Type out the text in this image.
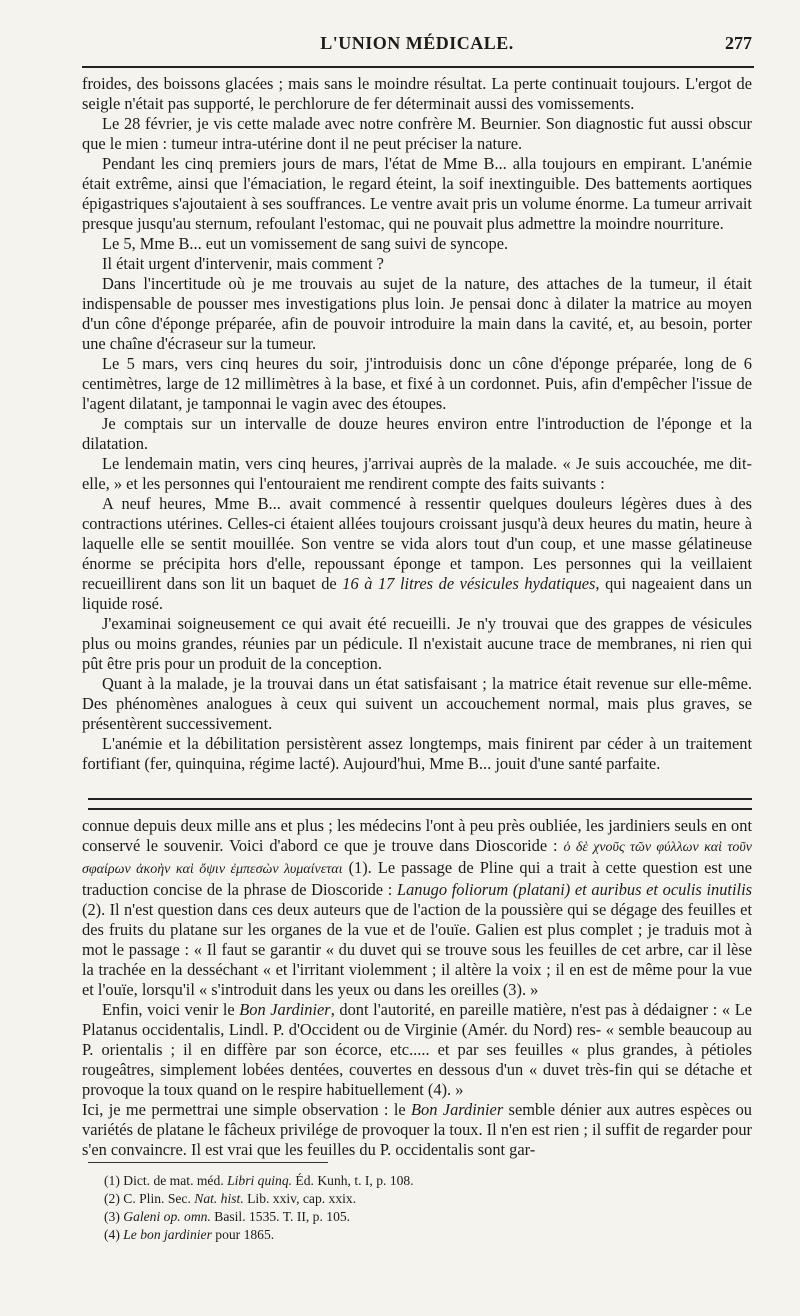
L'UNION MÉDICALE.	277

froides, des boissons glacées ; mais sans le moindre résultat. La perte continuait toujours. L'ergot de seigle n'était pas supporté, le perchlorure de fer déterminait aussi des vomissements.

Le 28 février, je vis cette malade avec notre confrère M. Beurnier. Son diagnostic fut aussi obscur que le mien : tumeur intra-utérine dont il ne peut préciser la nature.

Pendant les cinq premiers jours de mars, l'état de Mme B... alla toujours en empirant. L'anémie était extrême, ainsi que l'émaciation, le regard éteint, la soif inextinguible. Des battements aortiques épigastriques s'ajoutaient à ses souffrances. Le ventre avait pris un volume énorme. La tumeur arrivait presque jusqu'au sternum, refoulant l'estomac, qui ne pouvait plus admettre la moindre nourriture.

Le 5, Mme B... eut un vomissement de sang suivi de syncope.

Il était urgent d'intervenir, mais comment ?

Dans l'incertitude où je me trouvais au sujet de la nature, des attaches de la tumeur, il était indispensable de pousser mes investigations plus loin. Je pensai donc à dilater la matrice au moyen d'un cône d'éponge préparée, afin de pouvoir introduire la main dans la cavité, et, au besoin, porter une chaîne d'écraseur sur la tumeur.

Le 5 mars, vers cinq heures du soir, j'introduisis donc un cône d'éponge préparée, long de 6 centimètres, large de 12 millimètres à la base, et fixé à un cordonnet. Puis, afin d'empêcher l'issue de l'agent dilatant, je tamponnai le vagin avec des étoupes.

Je comptais sur un intervalle de douze heures environ entre l'introduction de l'éponge et la dilatation.

Le lendemain matin, vers cinq heures, j'arrivai auprès de la malade. « Je suis accouchée, me dit-elle, » et les personnes qui l'entouraient me rendirent compte des faits suivants :

A neuf heures, Mme B... avait commencé à ressentir quelques douleurs légères dues à des contractions utérines. Celles-ci étaient allées toujours croissant jusqu'à deux heures du matin, heure à laquelle elle se sentit mouillée. Son ventre se vida alors tout d'un coup, et une masse gélatineuse énorme se précipita hors d'elle, repoussant éponge et tampon. Les personnes qui la veillaient recueillirent dans son lit un baquet de 16 à 17 litres de vésicules hydatiques, qui nageaient dans un liquide rosé.

J'examinai soigneusement ce qui avait été recueilli. Je n'y trouvai que des grappes de vésicules plus ou moins grandes, réunies par un pédicule. Il n'existait aucune trace de membranes, ni rien qui pût être pris pour un produit de la conception.

Quant à la malade, je la trouvai dans un état satisfaisant ; la matrice était revenue sur elle-même. Des phénomènes analogues à ceux qui suivent un accouchement normal, mais plus graves, se présentèrent successivement.

L'anémie et la débilitation persistèrent assez longtemps, mais finirent par céder à un traitement fortifiant (fer, quinquina, régime lacté). Aujourd'hui, Mme B... jouit d'une santé parfaite.

connue depuis deux mille ans et plus ; les médecins l'ont à peu près oubliée, les jardiniers seuls en ont conservé le souvenir. Voici d'abord ce que je trouve dans Dioscoride : ὁ δὲ χνοῦς τῶν φύλλων καὶ τοῦν σφαίρων ἀκοὴν καὶ ὄψιν ἐμπεσὼν λυμαίνεται (1). Le passage de Pline qui a trait à cette question est une traduction concise de la phrase de Dioscoride : Lanugo foliorum (platani) et auribus et oculis inutilis (2). Il n'est question dans ces deux auteurs que de l'action de la poussière qui se dégage des feuilles et des fruits du platane sur les organes de la vue et de l'ouïe. Galien est plus complet ; je traduis mot à mot le passage : « Il faut se garantir « du duvet qui se trouve sous les feuilles de cet arbre, car il lèse la trachée en la desséchant « et l'irritant violemment ; il altère la voix ; il en est de même pour la vue et l'ouïe, lorsqu'il « s'introduit dans les yeux ou dans les oreilles (3). »

Enfin, voici venir le Bon Jardinier, dont l'autorité, en pareille matière, n'est pas à dédaigner : « Le Platanus occidentalis, Lindl. P. d'Occident ou de Virginie (Amér. du Nord) res- « semble beaucoup au P. orientalis ; il en diffère par son écorce, etc..... et par ses feuilles « plus grandes, à pétioles rougeâtres, simplement lobées dentées, couvertes en dessous d'un « duvet très-fin qui se détache et provoque la toux quand on le respire habituellement (4). »

Ici, je me permettrai une simple observation : le Bon Jardinier semble dénier aux autres espèces ou variétés de platane le fâcheux privilége de provoquer la toux. Il n'en est rien ; il suffit de regarder pour s'en convaincre. Il est vrai que les feuilles du P. occidentalis sont gar-

(1) Dict. de mat. méd. Libri quinq. Éd. Kunh, t. I, p. 108.
(2) C. Plin. Sec. Nat. hist. Lib. xxiv, cap. xxix.
(3) Galeni op. omn. Basil. 1535. T. II, p. 105.
(4) Le bon jardinier pour 1865.
